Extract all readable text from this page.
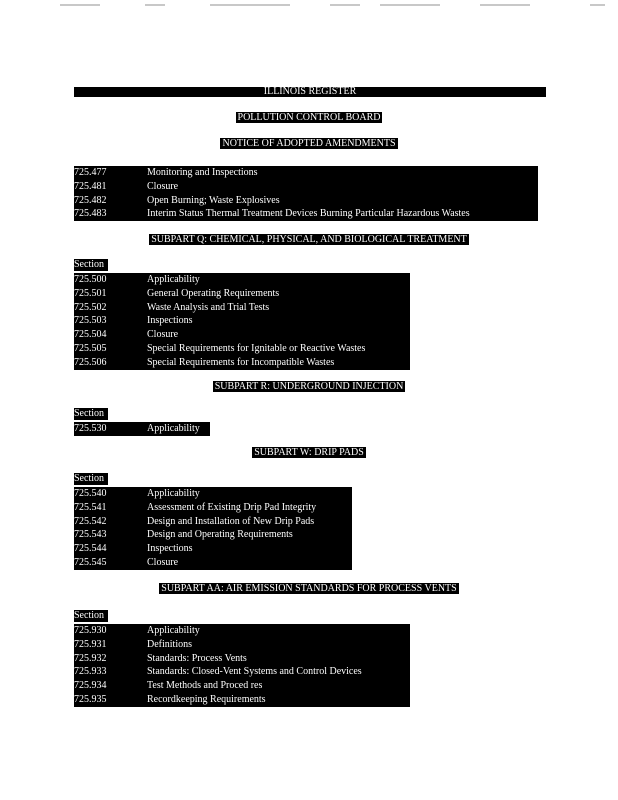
ILLINOIS REGISTER
POLLUTION CONTROL BOARD
NOTICE OF ADOPTED AMENDMENTS
725.477	Monitoring and Inspections
725.481	Closure
725.482	Open Burning; Waste Explosives
725.483	Interim Status Thermal Treatment Devices Burning Particular Hazardous Wastes
SUBPART Q: CHEMICAL, PHYSICAL, AND BIOLOGICAL TREATMENT
Section
725.500	Applicability
725.501	General Operating Requirements
725.502	Waste Analysis and Trial Tests
725.503	Inspections
725.504	Closure
725.505	Special Requirements for Ignitable or Reactive Wastes
725.506	Special Requirements for Incompatible Wastes
SUBPART R: UNDERGROUND INJECTION
Section
725.530	Applicability
SUBPART W: DRIP PADS
Section
725.540	Applicability
725.541	Assessment of Existing Drip Pad Integrity
725.542	Design and Installation of New Drip Pads
725.543	Design and Operating Requirements
725.544	Inspections
725.545	Closure
SUBPART AA: AIR EMISSION STANDARDS FOR PROCESS VENTS
Section
725.930	Applicability
725.931	Definitions
725.932	Standards: Process Vents
725.933	Standards: Closed-Vent Systems and Control Devices
725.934	Test Methods and Proced res
725.935	Recordkeeping Requirements
